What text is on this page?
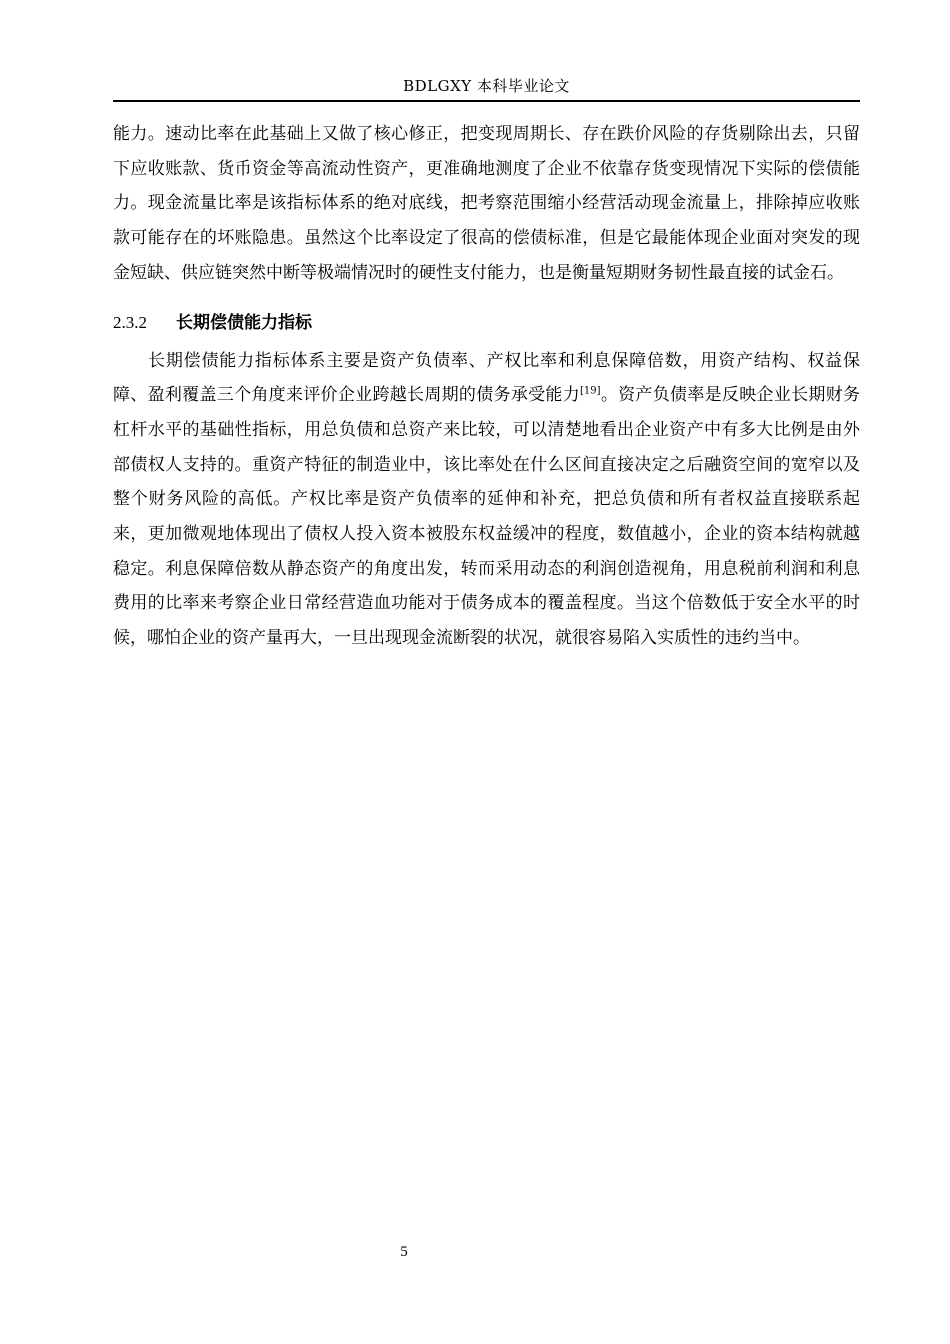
BDLGXY 本科毕业论文

能力。速动比率在此基础上又做了核心修正，把变现周期长、存在跌价风险的存货剔除出去，只留下应收账款、货币资金等高流动性资产，更准确地测度了企业不依靠存货变现情况下实际的偿债能力。现金流量比率是该指标体系的绝对底线，把考察范围缩小经营活动现金流量上，排除掉应收账款可能存在的坏账隐患。虽然这个比率设定了很高的偿债标准，但是它最能体现企业面对突发的现金短缺、供应链突然中断等极端情况时的硬性支付能力，也是衡量短期财务韧性最直接的试金石。

2.3.2 长期偿债能力指标

长期偿债能力指标体系主要是资产负债率、产权比率和利息保障倍数，用资产结构、权益保障、盈利覆盖三个角度来评价企业跨越长周期的债务承受能力[19]。资产负债率是反映企业长期财务杠杆水平的基础性指标，用总负债和总资产来比较，可以清楚地看出企业资产中有多大比例是由外部债权人支持的。重资产特征的制造业中，该比率处在什么区间直接决定之后融资空间的宽窄以及整个财务风险的高低。产权比率是资产负债率的延伸和补充，把总负债和所有者权益直接联系起来，更加微观地体现出了债权人投入资本被股东权益缓冲的程度，数值越小，企业的资本结构就越稳定。利息保障倍数从静态资产的角度出发，转而采用动态的利润创造视角，用息税前利润和利息费用的比率来考察企业日常经营造血功能对于债务成本的覆盖程度。当这个倍数低于安全水平的时候，哪怕企业的资产量再大，一旦出现现金流断裂的状况，就很容易陷入实质性的违约当中。

5
